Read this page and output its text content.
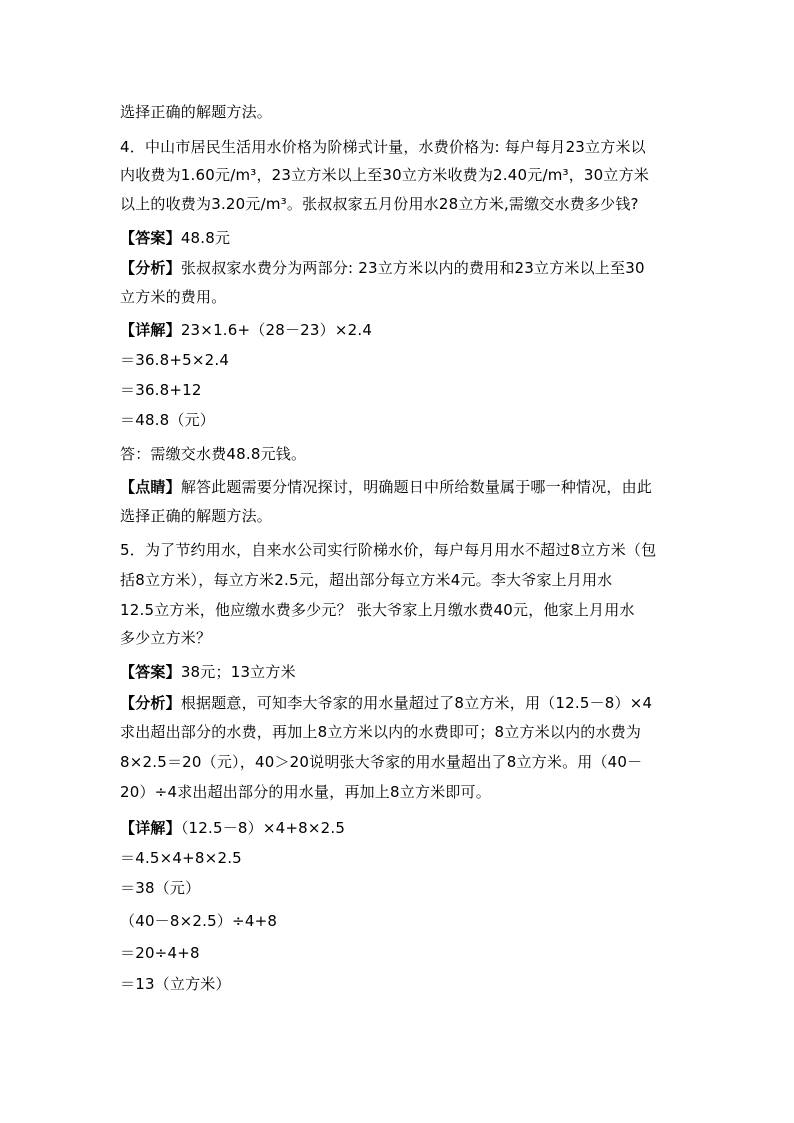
选择正确的解题方法。
4．中山市居民生活用水价格为阶梯式计量，水费价格为: 每户每月23立方米以
内收费为1.60元/m³，23立方米以上至30立方米收费为2.40元/m³，30立方米
以上的收费为3.20元/m³。张叔叔家五月份用水28立方米,需缴交水费多少钱?
【答案】48.8元
【分析】张叔叔家水费分为两部分: 23立方米以内的费用和23立方米以上至30
立方米的费用。
【详解】23×1.6+（28－23）×2.4
＝36.8+5×2.4
＝36.8+12
＝48.8（元）
答：需缴交水费48.8元钱。
【点睛】解答此题需要分情况探讨，明确题日中所给数量属于哪一种情况，由此
选择正确的解题方法。
5．为了节约用水，自来水公司实行阶梯水价，每户每月用水不超过8立方米（包
括8立方米），每立方米2.5元，超出部分每立方米4元。李大爷家上月用水
12.5立方米，他应缴水费多少元？ 张大爷家上月缴水费40元，他家上月用水
多少立方米？
【答案】38元；13立方米
【分析】根据题意，可知李大爷家的用水量超过了8立方米，用（12.5－8）×4
求出超出部分的水费，再加上8立方米以内的水费即可；8立方米以内的水费为
8×2.5＝20（元），40＞20说明张大爷家的用水量超出了8立方米。用（40－
20）÷4求出超出部分的用水量，再加上8立方米即可。
【详解】（12.5－8）×4+8×2.5
＝4.5×4+8×2.5
＝38（元）
（40－8×2.5）÷4+8
＝20÷4+8
＝13（立方米）
